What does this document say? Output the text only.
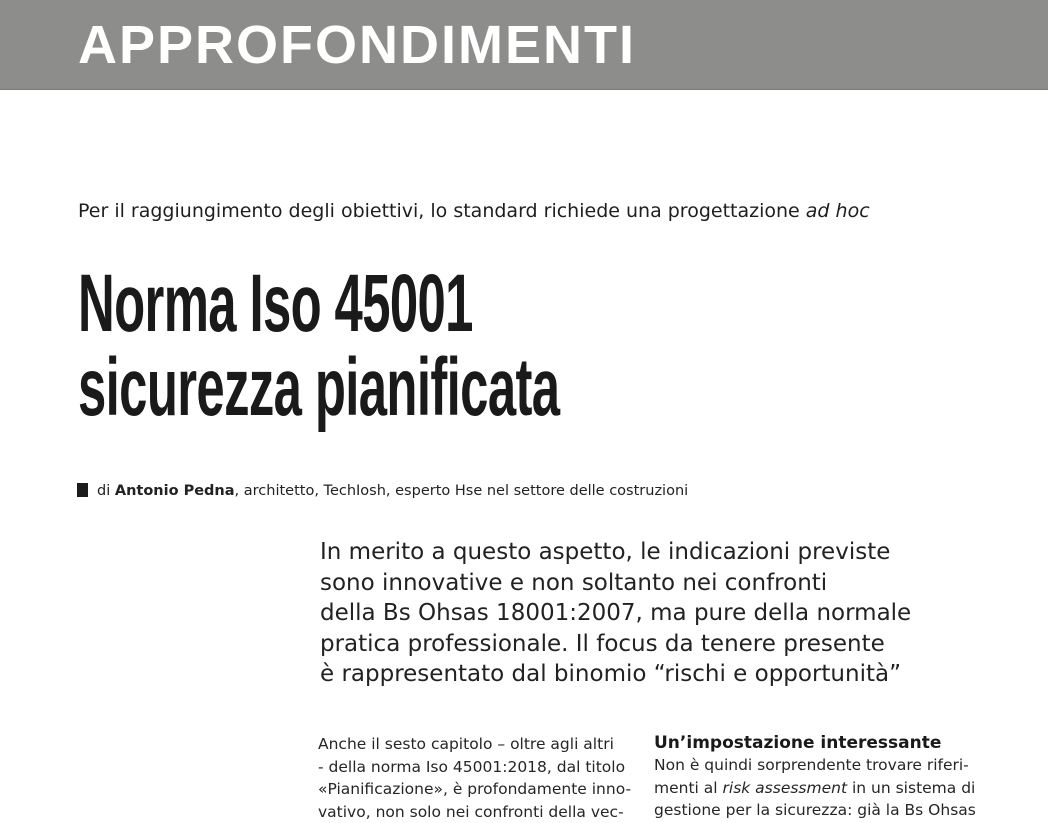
APPROFONDIMENTI
Per il raggiungimento degli obiettivi, lo standard richiede una progettazione ad hoc
Norma Iso 45001
sicurezza pianificata
di Antonio Pedna, architetto, TechIosh, esperto Hse nel settore delle costruzioni
In merito a questo aspetto, le indicazioni previste
sono innovative e non soltanto nei confronti
della Bs Ohsas 18001:2007, ma pure della normale
pratica professionale. Il focus da tenere presente
è rappresentato dal binomio “rischi e opportunità”
Anche il sesto capitolo – oltre agli altri
- della norma Iso 45001:2018, dal titolo
«Pianificazione», è profondamente inno-
vativo, non solo nei confronti della vec-
Un’impostazione interessante
Non è quindi sorprendente trovare riferi-
menti al risk assessment in un sistema di
gestione per la sicurezza: già la Bs Ohsas
